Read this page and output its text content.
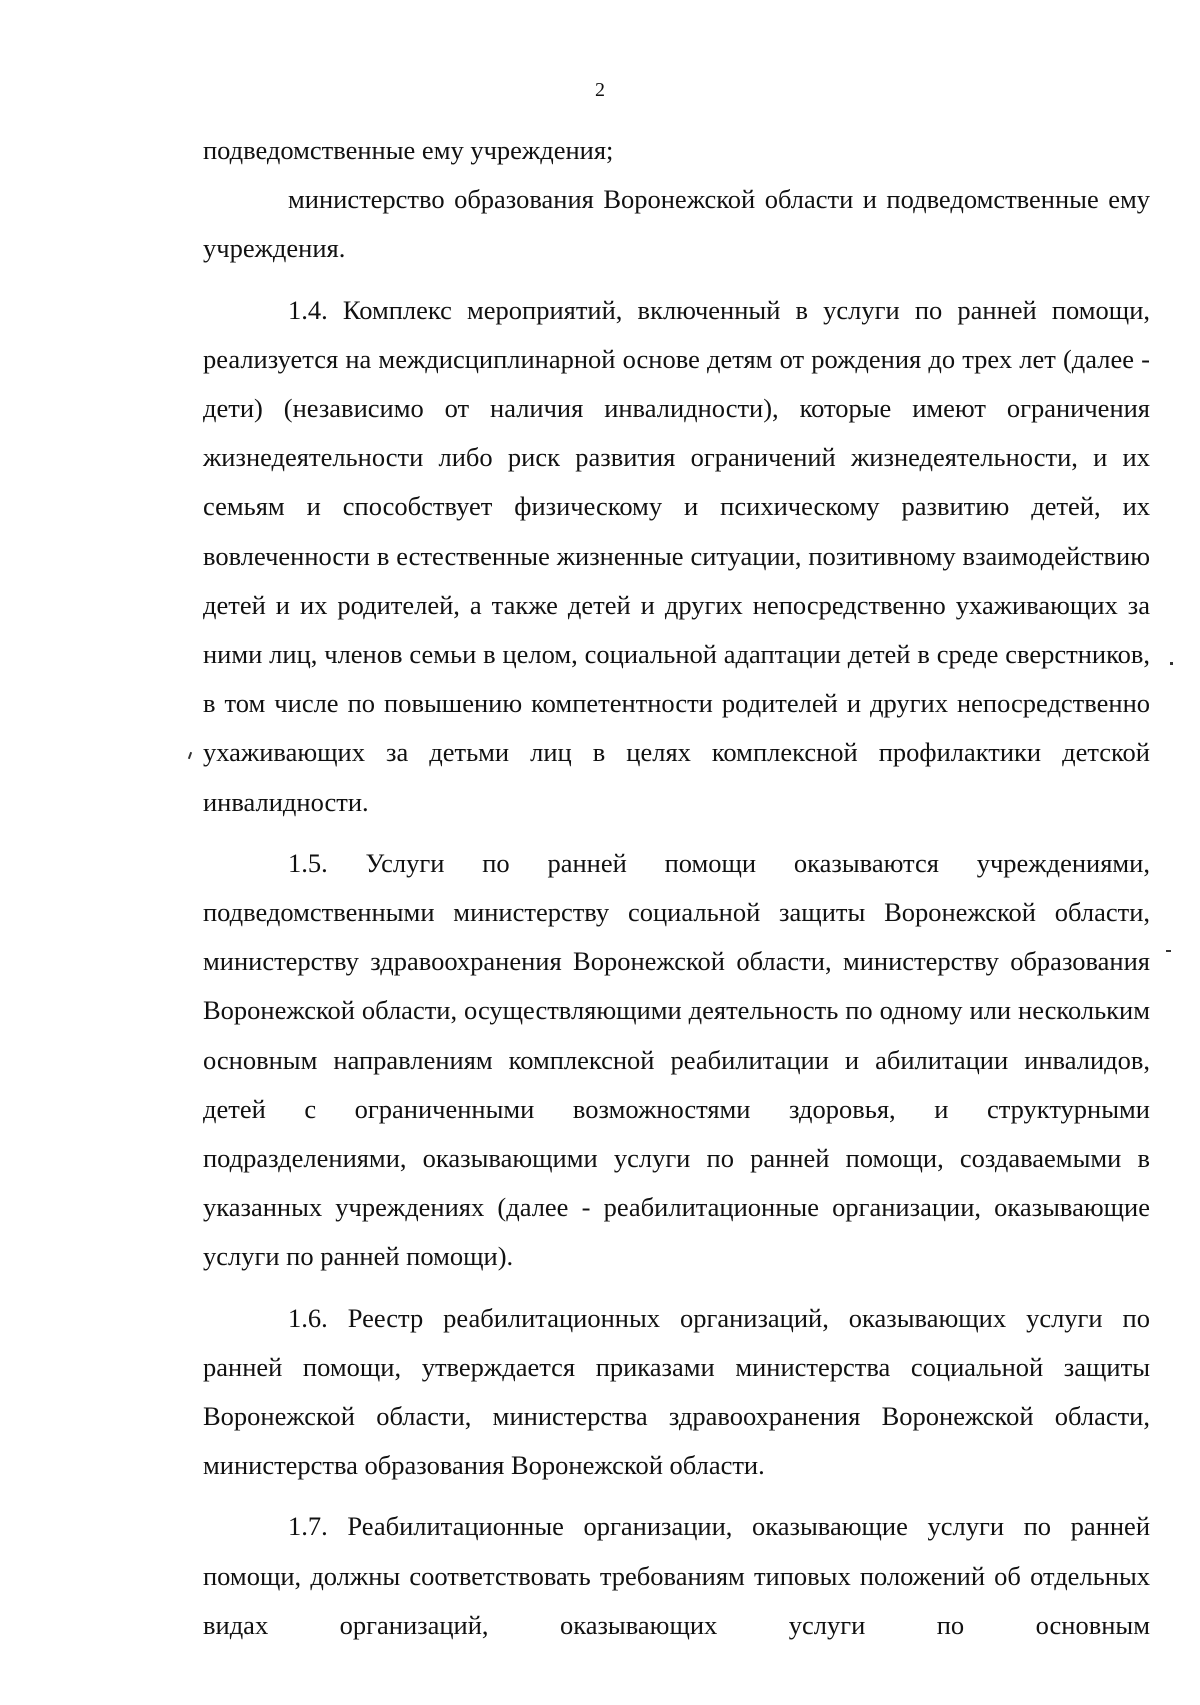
2

подведомственные ему учреждения;

министерство образования Воронежской области и подведомственные ему учреждения.

1.4. Комплекс мероприятий, включенный в услуги по ранней помощи, реализуется на междисциплинарной основе детям от рождения до трех лет (далее - дети) (независимо от наличия инвалидности), которые имеют ограничения жизнедеятельности либо риск развития ограничений жизнедеятельности, и их семьям и способствует физическому и психическому развитию детей, их вовлеченности в естественные жизненные ситуации, позитивному взаимодействию детей и их родителей, а также детей и других непосредственно ухаживающих за ними лиц, членов семьи в целом, социальной адаптации детей в среде сверстников, в том числе по повышению компетентности родителей и других непосредственно ухаживающих за детьми лиц в целях комплексной профилактики детской инвалидности.

1.5. Услуги по ранней помощи оказываются учреждениями, подведомственными министерству социальной защиты Воронежской области, министерству здравоохранения Воронежской области, министерству образования Воронежской области, осуществляющими деятельность по одному или нескольким основным направлениям комплексной реабилитации и абилитации инвалидов, детей с ограниченными возможностями здоровья, и структурными подразделениями, оказывающими услуги по ранней помощи, создаваемыми в указанных учреждениях (далее - реабилитационные организации, оказывающие услуги по ранней помощи).

1.6. Реестр реабилитационных организаций, оказывающих услуги по ранней помощи, утверждается приказами министерства социальной защиты Воронежской области, министерства здравоохранения Воронежской области, министерства образования Воронежской области.

1.7. Реабилитационные организации, оказывающие услуги по ранней помощи, должны соответствовать требованиям типовых положений об отдельных видах организаций, оказывающих услуги по основным
